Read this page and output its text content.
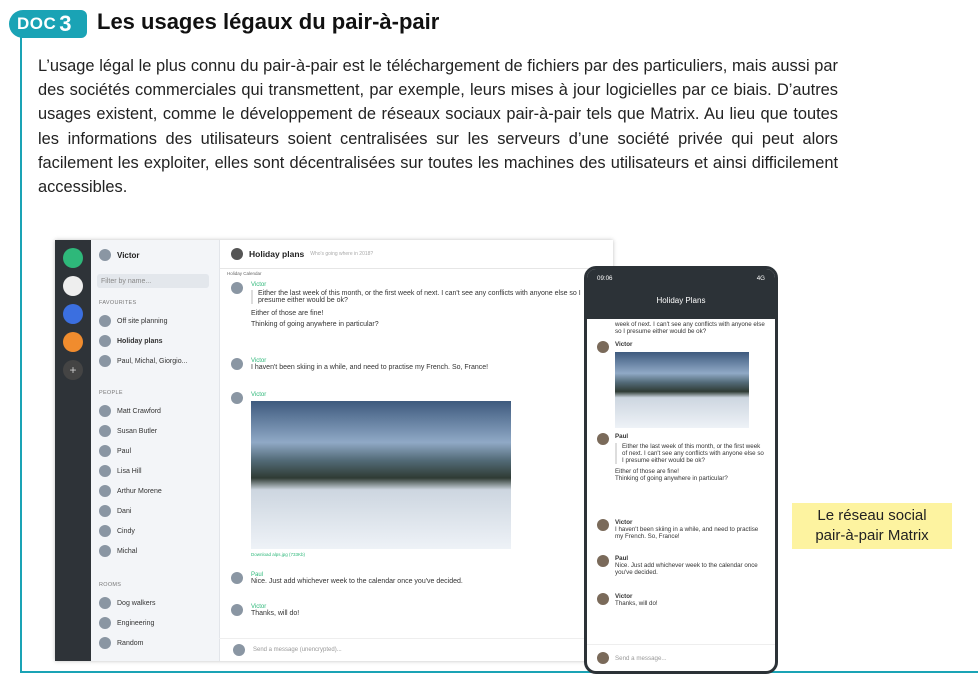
DOC 3 Les usages légaux du pair-à-pair
L’usage légal le plus connu du pair-à-pair est le téléchargement de fichiers par des particuliers, mais aussi par des sociétés commerciales qui transmettent, par exemple, leurs mises à jour logicielles par ce biais. D’autres usages existent, comme le développement de réseaux sociaux pair-à-pair tels que Matrix. Au lieu que toutes les informations des utilisateurs soient centralisées sur les serveurs d’une société privée qui peut alors facilement les exploiter, elles sont décentralisées sur toutes les machines des utilisateurs et ainsi difficilement accessibles.
+
Victor
Filter by name...
FAVOURITES
Off site planning
Holiday plans
Paul, Michal, Giorgio...
PEOPLE
Matt Crawford
Susan Butler
Paul
Lisa Hill
Arthur Morene
Dani
Cindy
Michal
ROOMS
Dog walkers
Engineering
Random
Holiday plans Who's going where in 2018?
Holiday Calendar
Victor
Either the last week of this month, or the first week of next. I can't see any conflicts with anyone else so I presume either would be ok?
Either of those are fine!
Thinking of going anywhere in particular?
Victor
I haven't been skiing in a while, and need to practise my French. So, France!
Victor
Download alps.jpg (733Kb)
Paul
Nice. Just add whichever week to the calendar once you've decided.
Victor
Thanks, will do!
Send a message (unencrypted)...
09:06	4G
Holiday Plans
week of next. I can't see any conflicts with anyone else so I presume either would be ok?
Victor
Paul
Either the last week of this month, or the first week of next. I can't see any conflicts with anyone else so I presume either would be ok?
Either of those are fine!
Thinking of going anywhere in particular?
Victor
I haven't been skiing in a while, and need to practise my French. So, France!
Paul
Nice. Just add whichever week to the calendar once you've decided.
Victor
Thanks, will do!
Send a message...
Le réseau social
pair-à-pair Matrix
